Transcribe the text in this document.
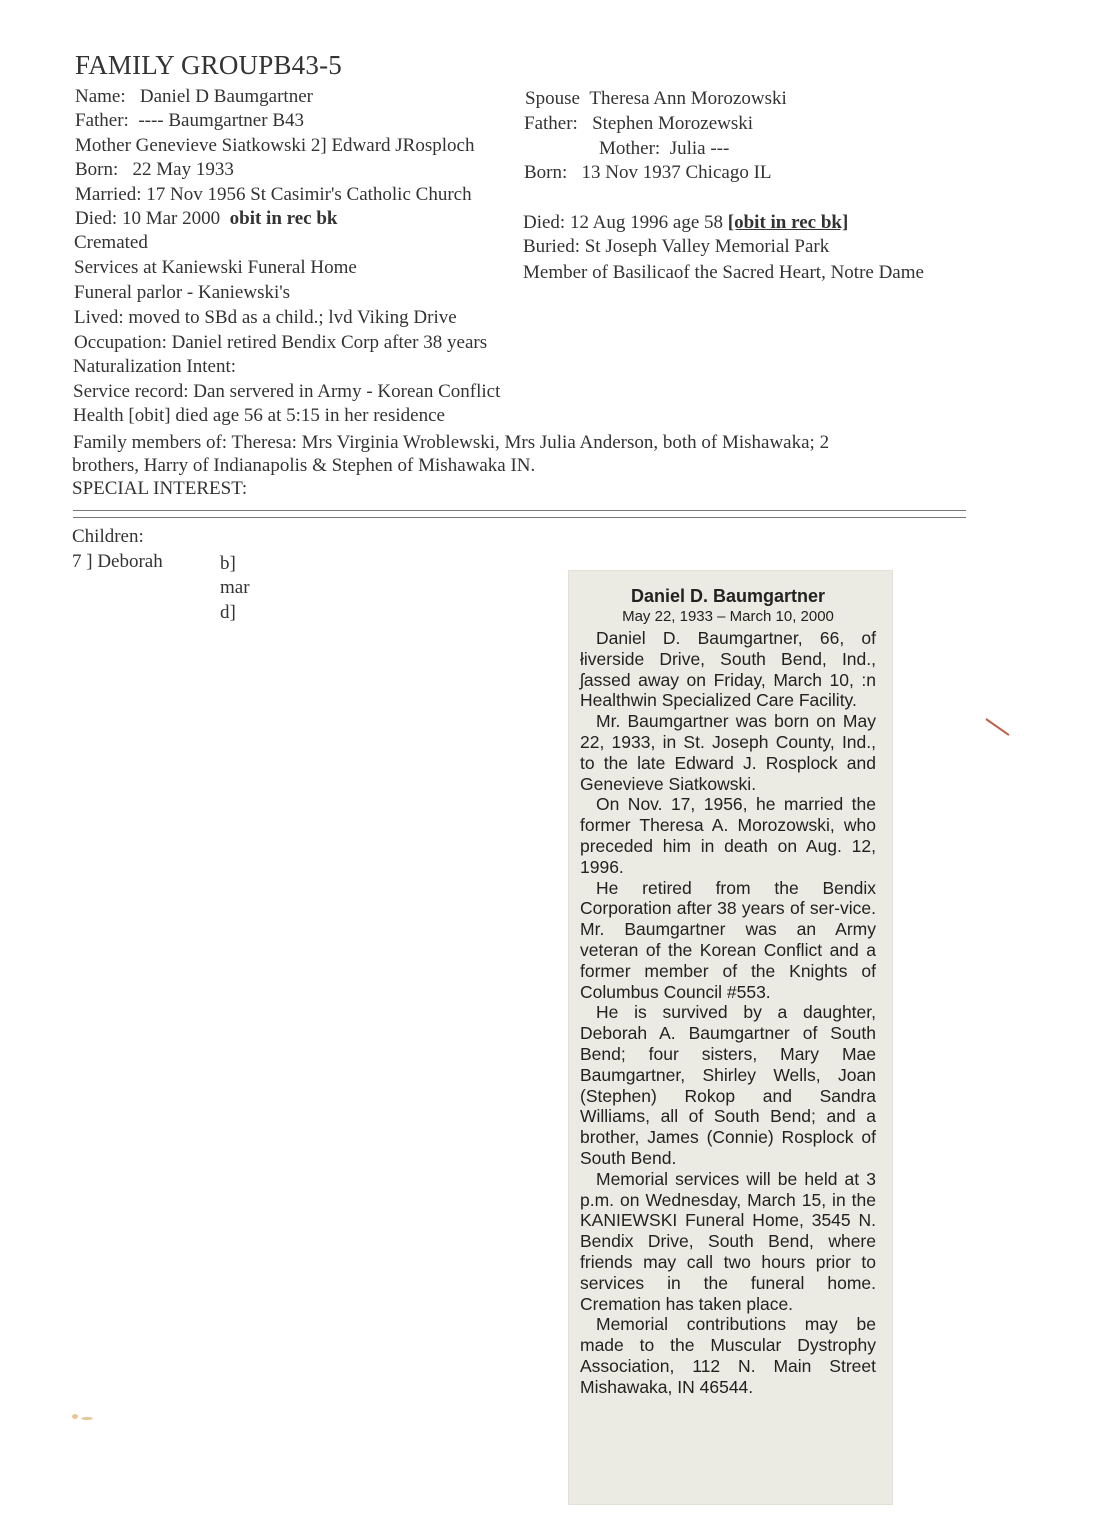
FAMILY GROUPB43-5
Name: Daniel D Baumgartner
Father: ---- Baumgartner B43
Mother Genevieve Siatkowski 2] Edward JRosploch
Born: 22 May 1933
Married: 17 Nov 1956 St Casimir's Catholic Church
Died: 10 Mar 2000 obit in rec bk
Cremated
Services at Kaniewski Funeral Home
Funeral parlor - Kaniewski's
Lived: moved to SBd as a child.; lvd Viking Drive
Occupation: Daniel retired Bendix Corp after 38 years
Naturalization Intent:
Service record: Dan servered in Army - Korean Conflict
Health [obit] died age 56 at 5:15 in her residence
Family members of: Theresa: Mrs Virginia Wroblewski, Mrs Julia Anderson, both of Mishawaka; 2
brothers, Harry of Indianapolis & Stephen of Mishawaka IN.
SPECIAL INTEREST:
Spouse Theresa Ann Morozowski
Father: Stephen Morozewski
Mother: Julia ---
Born: 13 Nov 1937 Chicago IL
Died: 12 Aug 1996 age 58 [obit in rec bk]
Buried: St Joseph Valley Memorial Park
Member of Basilicaof the Sacred Heart, Notre Dame
Children:
7 ] Deborah	b]
mar
d]
Daniel D. Baumgartner
May 22, 1933 – March 10, 2000

Daniel D. Baumgartner, 66, of łiverside Drive, South Bend, Ind., ʃassed away on Friday, March 10, :n Healthwin Specialized Care Facility.

Mr. Baumgartner was born on May 22, 1933, in St. Joseph County, Ind., to the late Edward J. Rosplock and Genevieve Siatkowski.

On Nov. 17, 1956, he married the former Theresa A. Morozowski, who preceded him in death on Aug. 12, 1996.

He retired from the Bendix Corporation after 38 years of ser-vice. Mr. Baumgartner was an Army veteran of the Korean Conflict and a former member of the Knights of Columbus Council #553.

He is survived by a daughter, Deborah A. Baumgartner of South Bend; four sisters, Mary Mae Baumgartner, Shirley Wells, Joan (Stephen) Rokop and Sandra Williams, all of South Bend; and a brother, James (Connie) Rosplock of South Bend.

Memorial services will be held at 3 p.m. on Wednesday, March 15, in the KANIEWSKI Funeral Home, 3545 N. Bendix Drive, South Bend, where friends may call two hours prior to services in the funeral home. Cremation has taken place.

Memorial contributions may be made to the Muscular Dystrophy Association, 112 N. Main Street Mishawaka, IN 46544.
